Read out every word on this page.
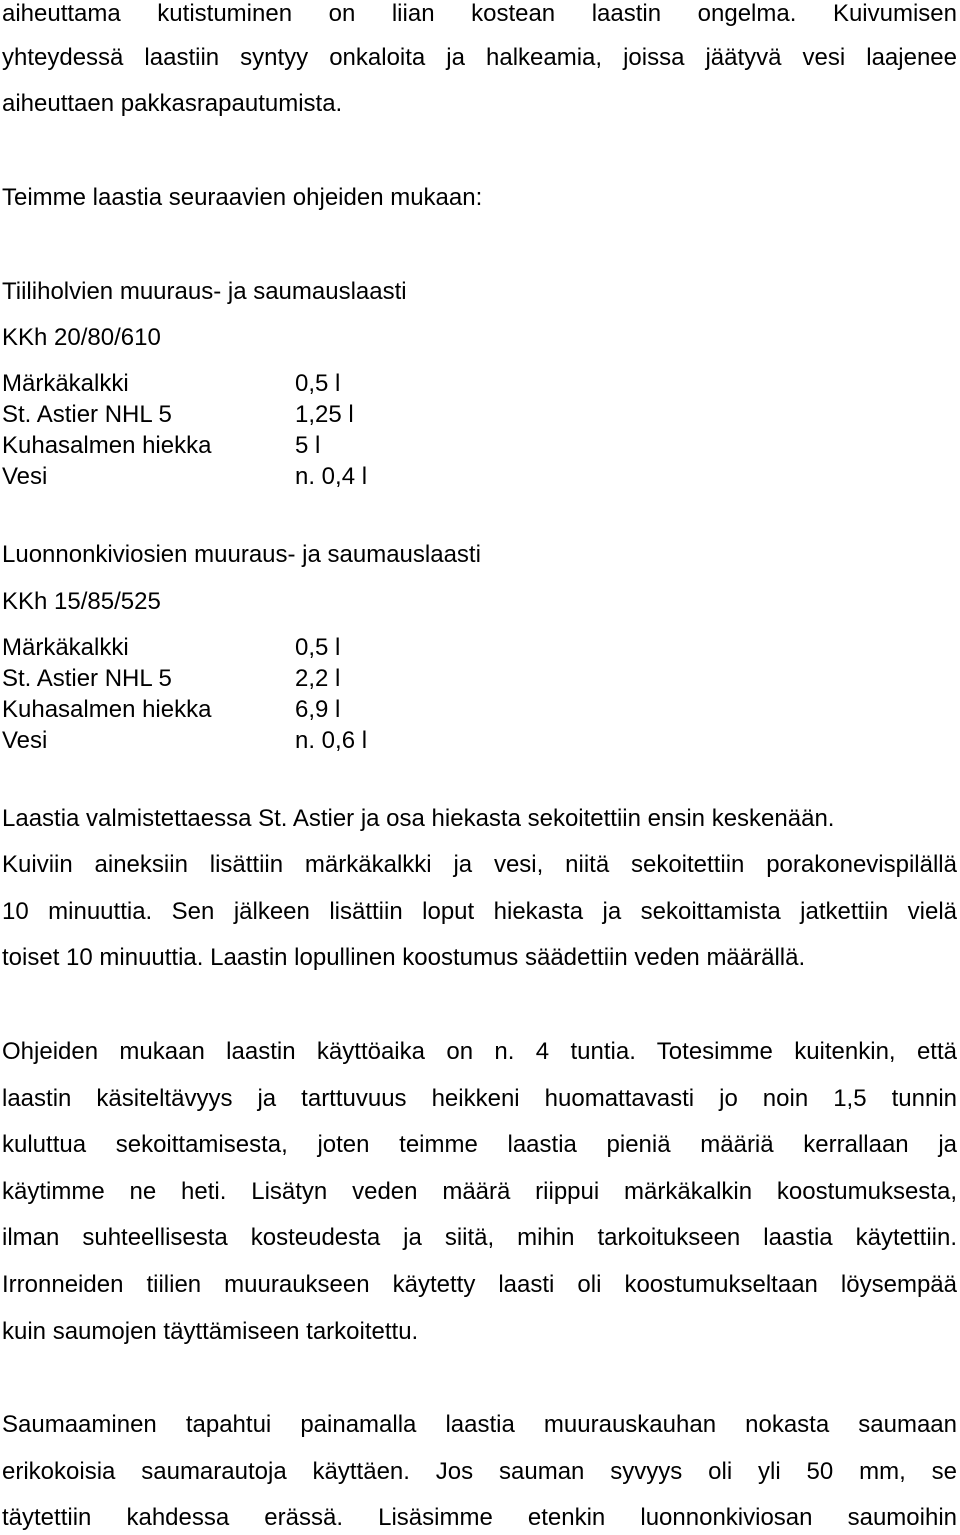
aiheuttama kutistuminen on liian kostean laastin ongelma. Kuivumisen
yhteydessä laastiin syntyy onkaloita ja halkeamia, joissa jäätyvä vesi laajenee
aiheuttaen pakkasrapautumista.
Teimme laastia seuraavien ohjeiden mukaan:
Tiiliholvien muuraus- ja saumauslaasti
KKh 20/80/610
Märkäkalkki	0,5 l
St. Astier NHL 5	1,25 l
Kuhasalmen hiekka	5 l
Vesi	n. 0,4 l
Luonnonkiviosien muuraus- ja saumauslaasti
KKh 15/85/525
Märkäkalkki	0,5 l
St. Astier NHL 5	2,2 l
Kuhasalmen hiekka	6,9 l
Vesi	n. 0,6 l
Laastia valmistettaessa St. Astier ja osa hiekasta sekoitettiin ensin keskenään.
Kuiviin aineksiin lisättiin märkäkalkki ja vesi, niitä sekoitettiin porakonevispilällä
10 minuuttia. Sen jälkeen lisättiin loput hiekasta ja sekoittamista jatkettiin vielä
toiset 10 minuuttia. Laastin lopullinen koostumus säädettiin veden määrällä.
Ohjeiden mukaan laastin käyttöaika on n. 4 tuntia. Totesimme kuitenkin, että
laastin käsiteltävyys ja tarttuvuus heikkeni huomattavasti jo noin 1,5 tunnin
kuluttua sekoittamisesta, joten teimme laastia pieniä määriä kerrallaan ja
käytimme ne heti. Lisätyn veden määrä riippui märkäkalkin koostumuksesta,
ilman suhteellisesta kosteudesta ja siitä, mihin tarkoitukseen laastia käytettiin.
Irronneiden tiilien muuraukseen käytetty laasti oli koostumukseltaan löysempää
kuin saumojen täyttämiseen tarkoitettu.
Saumaaminen tapahtui painamalla laastia muurauskauhan nokasta saumaan
erikokoisia saumarautoja käyttäen. Jos sauman syvyys oli yli 50 mm, se
täytettiin kahdessa erässä. Lisäsimme etenkin luonnonkiviosan saumoihin
